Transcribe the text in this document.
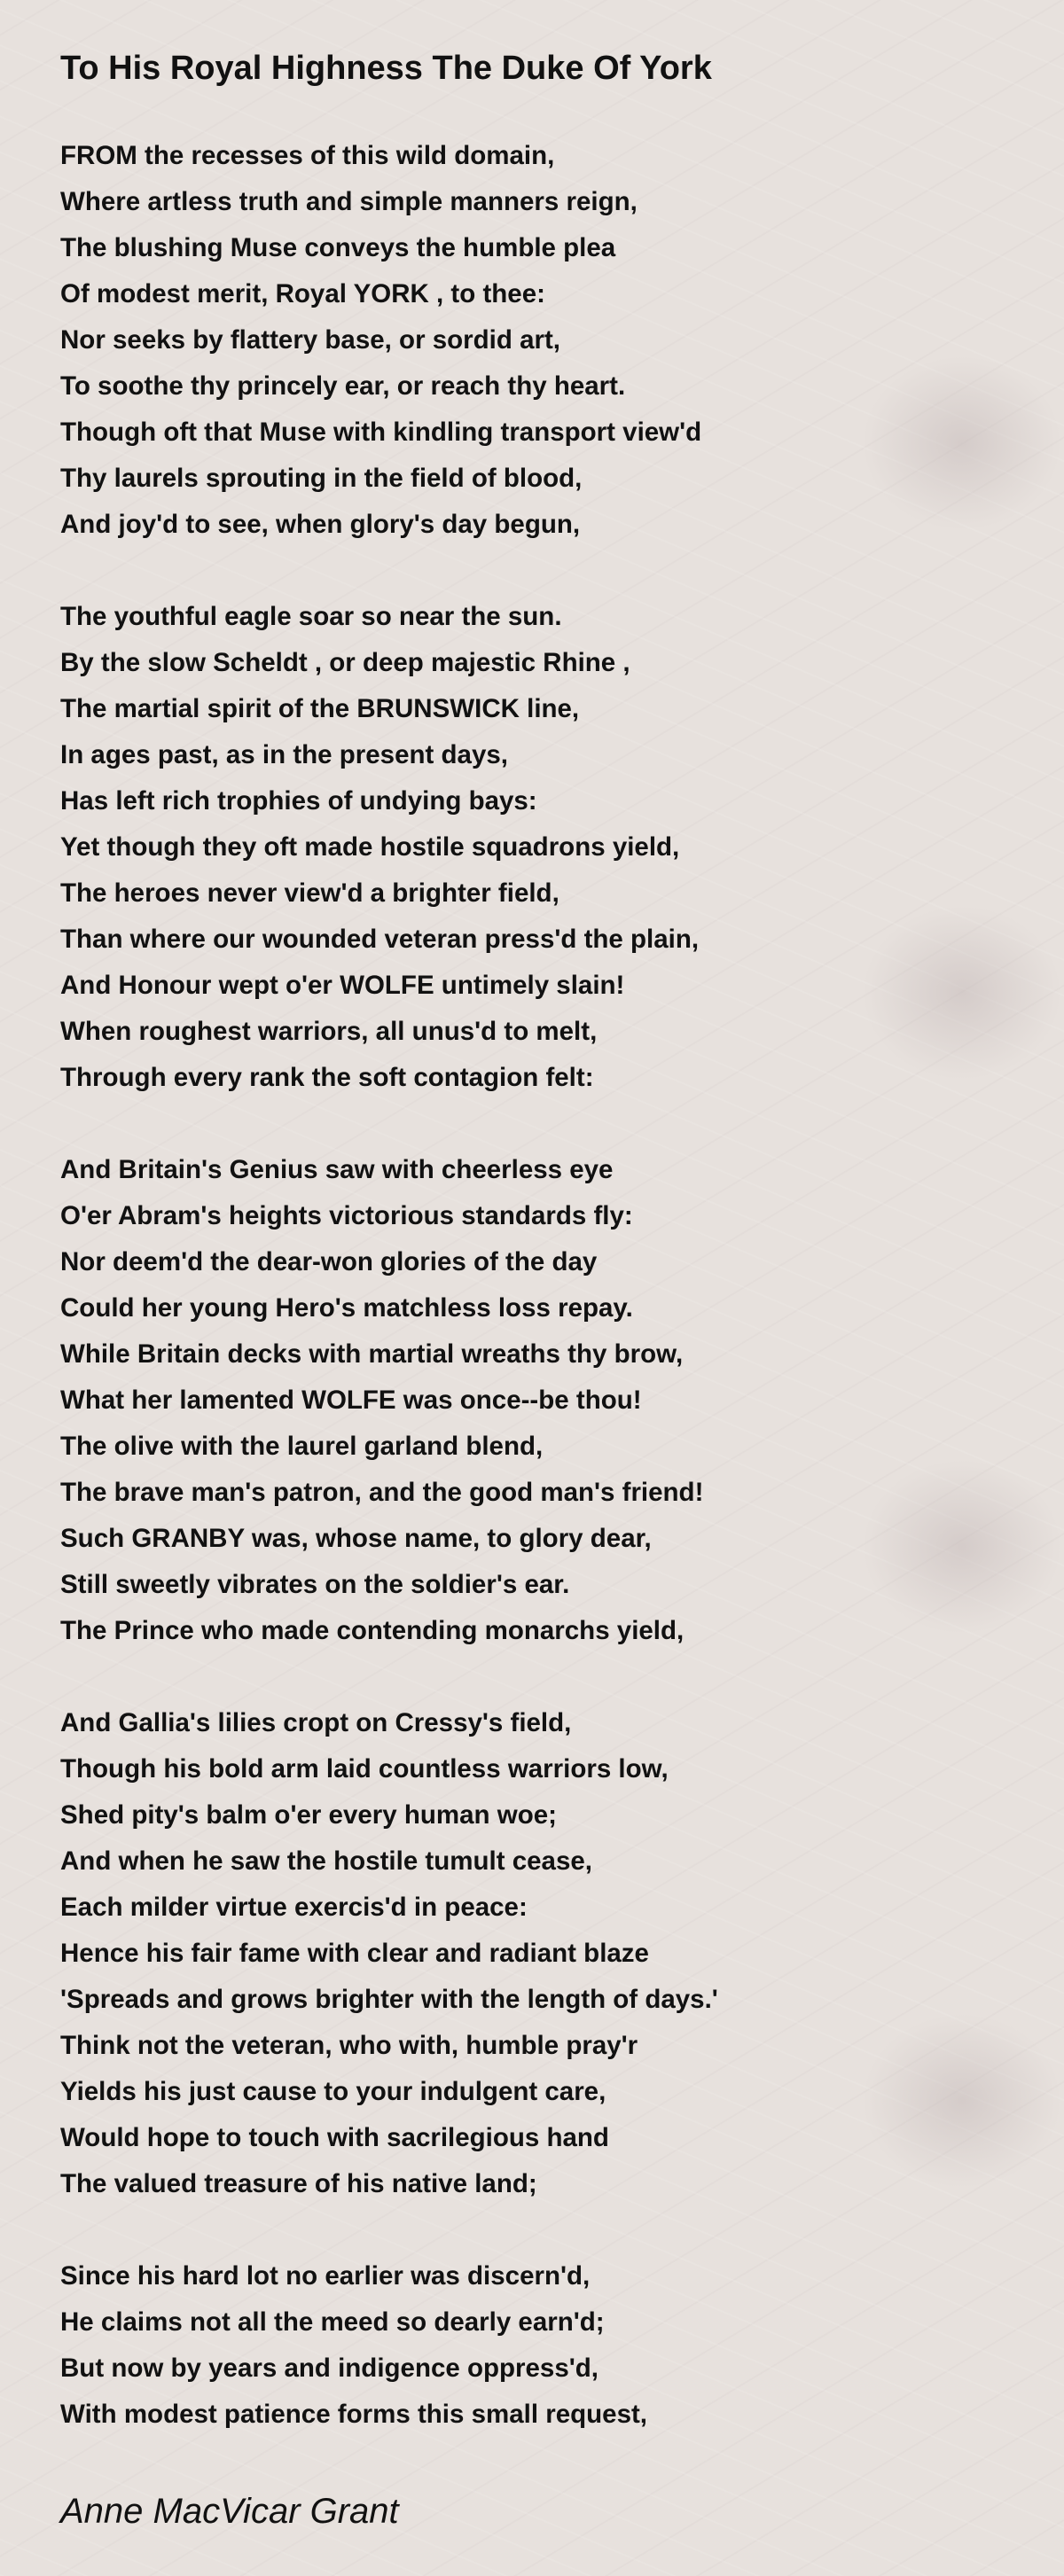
To His Royal Highness The Duke Of York
FROM the recesses of this wild domain,
Where artless truth and simple manners reign,
The blushing Muse conveys the humble plea
Of modest merit, Royal YORK , to thee:
Nor seeks by flattery base, or sordid art,
To soothe thy princely ear, or reach thy heart.
Though oft that Muse with kindling transport view'd
Thy laurels sprouting in the field of blood,
And joy'd to see, when glory's day begun,
The youthful eagle soar so near the sun.
By the slow Scheldt , or deep majestic Rhine ,
The martial spirit of the BRUNSWICK line,
In ages past, as in the present days,
Has left rich trophies of undying bays:
Yet though they oft made hostile squadrons yield,
The heroes never view'd a brighter field,
Than where our wounded veteran press'd the plain,
And Honour wept o'er WOLFE untimely slain!
When roughest warriors, all unus'd to melt,
Through every rank the soft contagion felt:
And Britain's Genius saw with cheerless eye
O'er Abram's heights victorious standards fly:
Nor deem'd the dear-won glories of the day
Could her young Hero's matchless loss repay.
While Britain decks with martial wreaths thy brow,
What her lamented WOLFE was once--be thou!
The olive with the laurel garland blend,
The brave man's patron, and the good man's friend!
Such GRANBY was, whose name, to glory dear,
Still sweetly vibrates on the soldier's ear.
The Prince who made contending monarchs yield,
And Gallia's lilies cropt on Cressy's field,
Though his bold arm laid countless warriors low,
Shed pity's balm o'er every human woe;
And when he saw the hostile tumult cease,
Each milder virtue exercis'd in peace:
Hence his fair fame with clear and radiant blaze
'Spreads and grows brighter with the length of days.'
Think not the veteran, who with, humble pray'r
Yields his just cause to your indulgent care,
Would hope to touch with sacrilegious hand
The valued treasure of his native land;
Since his hard lot no earlier was discern'd,
He claims not all the meed so dearly earn'd;
But now by years and indigence oppress'd,
With modest patience forms this small request,
Anne MacVicar Grant
